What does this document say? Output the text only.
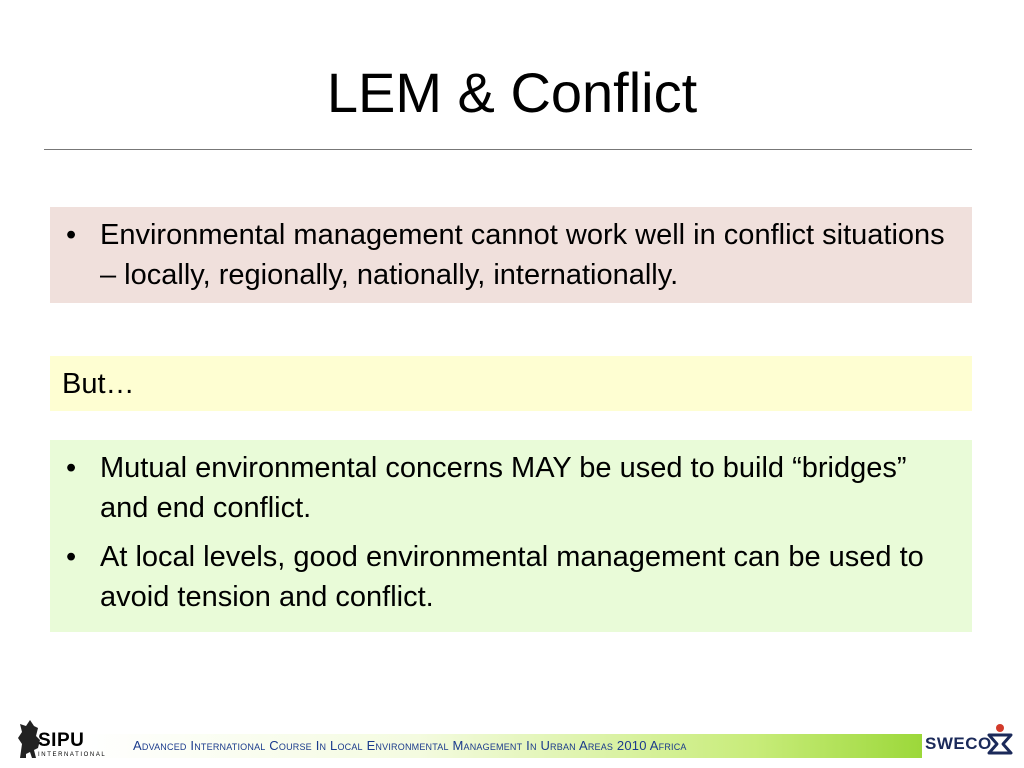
LEM & Conflict
• Environmental management cannot work well in conflict situations – locally, regionally, nationally, internationally.
But…
• Mutual environmental concerns MAY be used to build “bridges” and end conflict.
• At local levels, good environmental management can be used to avoid tension and conflict.
Advanced International Course In Local Environmental Management In Urban Areas 2010 Africa
SIPU
INTERNATIONAL
SWECO
